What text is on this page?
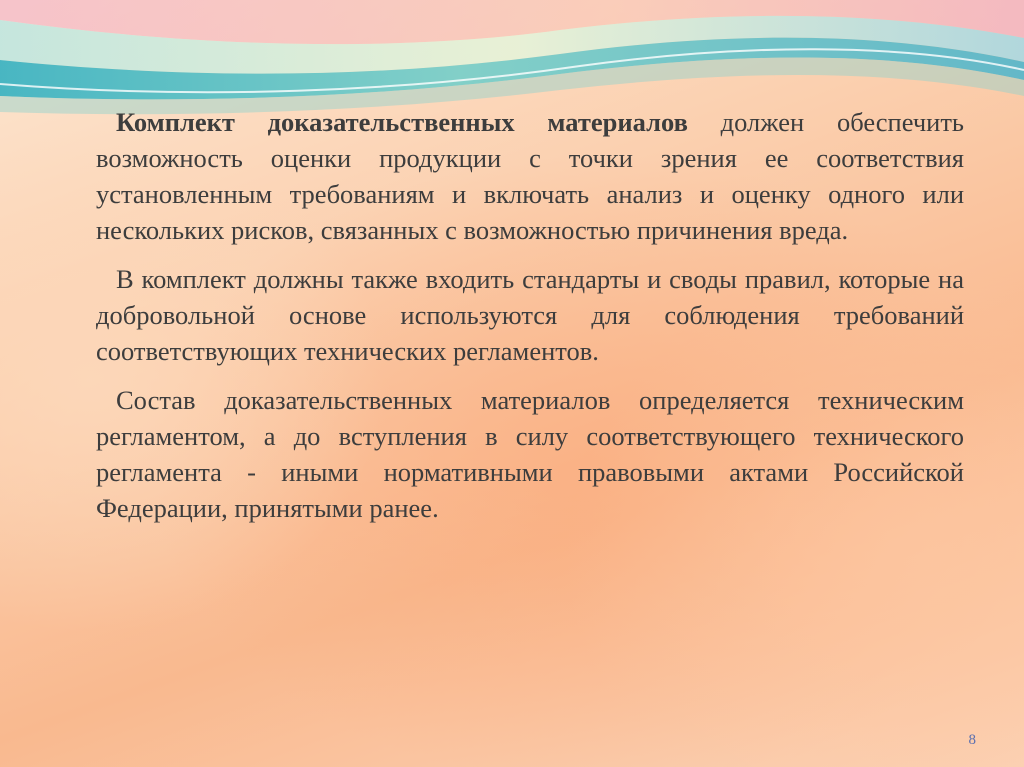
Комплект доказательственных материалов должен обеспечить возможность оценки продукции с точки зрения ее соответствия установленным требованиям и включать анализ и оценку одного или нескольких рисков, связанных с возможностью причинения вреда.

В комплект должны также входить стандарты и своды правил, которые на добровольной основе используются для соблюдения требований соответствующих технических регламентов.

Состав доказательственных материалов определяется техническим регламентом, а до вступления в силу соответствующего технического регламента - иными нормативными правовыми актами Российской Федерации, принятыми ранее.

8
